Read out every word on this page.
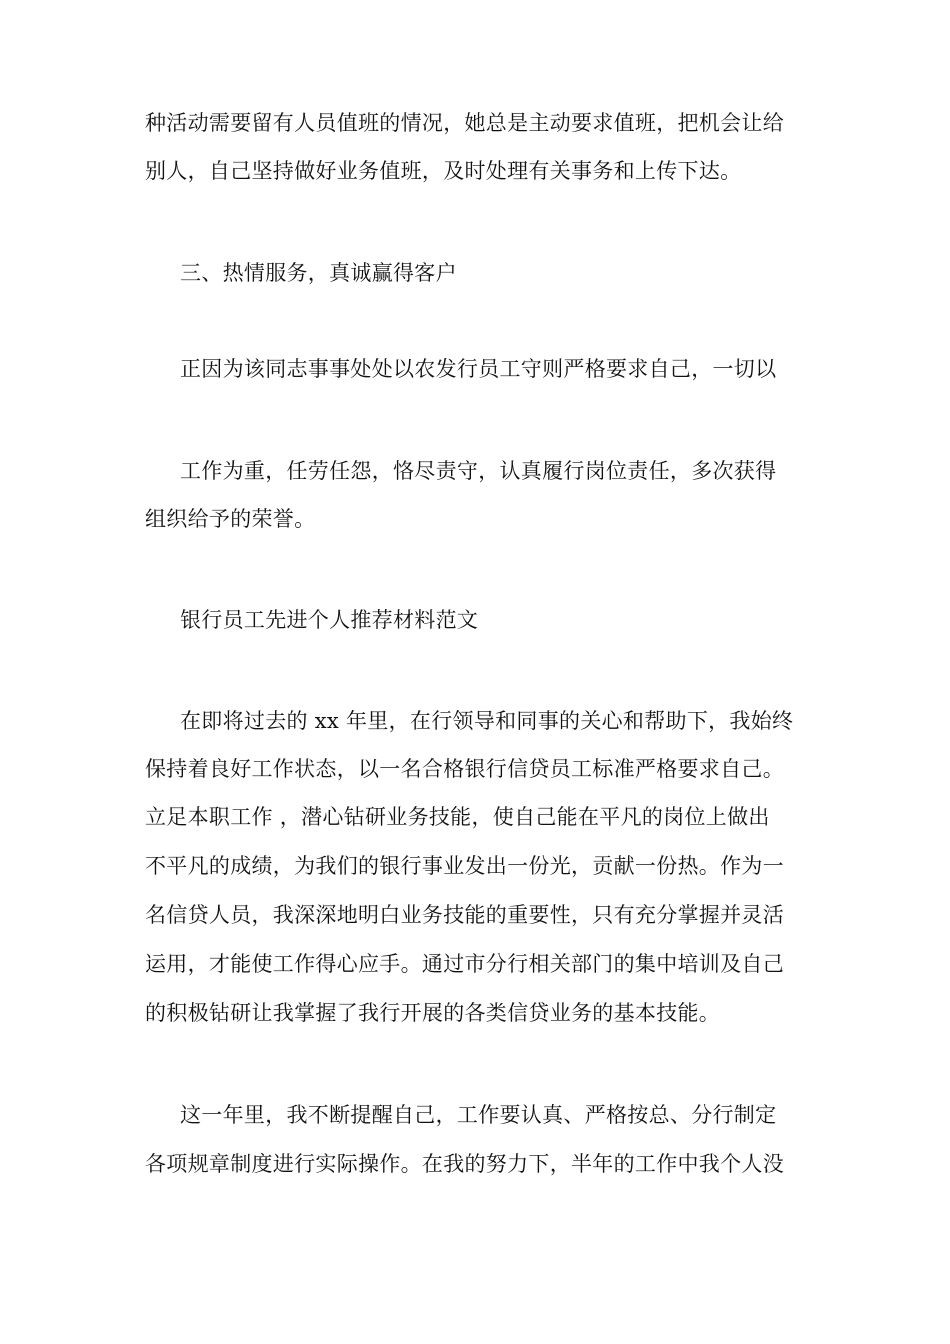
种活动需要留有人员值班的情况，她总是主动要求值班，把机会让给
别人，自己坚持做好业务值班，及时处理有关事务和上传下达。
三、热情服务，真诚赢得客户
正因为该同志事事处处以农发行员工守则严格要求自己，一切以
工作为重，任劳任怨，恪尽责守，认真履行岗位责任，多次获得
组织给予的荣誉。
银行员工先进个人推荐材料范文
在即将过去的 xx 年里，在行领导和同事的关心和帮助下，我始终
保持着良好工作状态，以一名合格银行信贷员工标准严格要求自己。
立足本职工作 ，潜心钻研业务技能，使自己能在平凡的岗位上做出
不平凡的成绩，为我们的银行事业发出一份光，贡献一份热。作为一
名信贷人员，我深深地明白业务技能的重要性，只有充分掌握并灵活
运用，才能使工作得心应手。通过市分行相关部门的集中培训及自己
的积极钻研让我掌握了我行开展的各类信贷业务的基本技能。
这一年里，我不断提醒自己，工作要认真、严格按总、分行制定
各项规章制度进行实际操作。在我的努力下，半年的工作中我个人没
